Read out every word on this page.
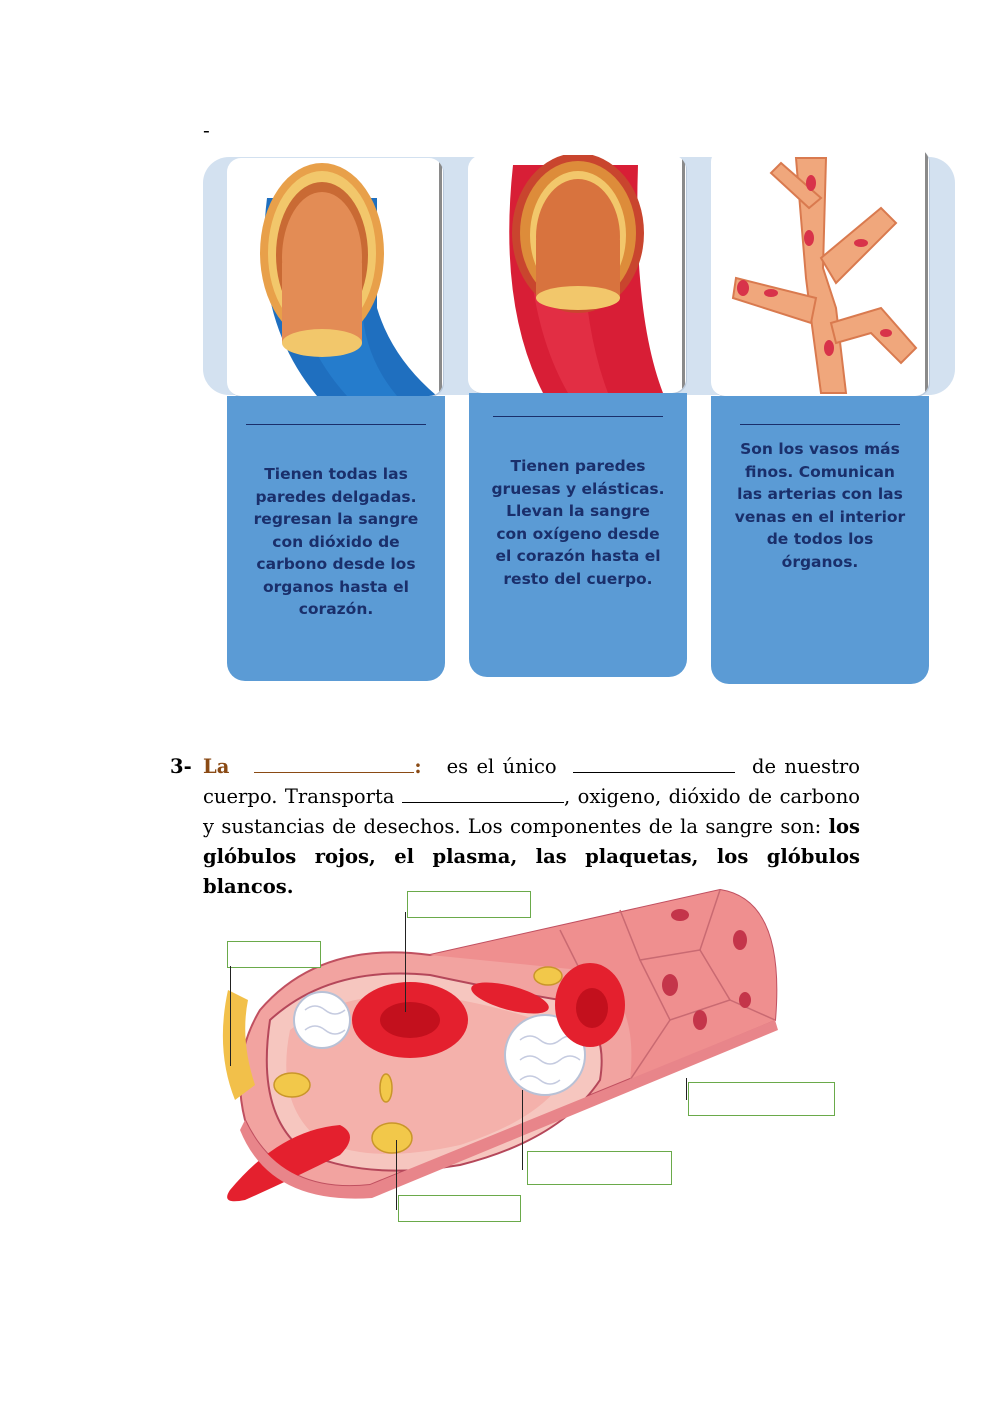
-
Tienen todas las paredes delgadas. regresan la sangre con dióxido de carbono desde los organos hasta el corazón.
Tienen paredes gruesas y elásticas. Llevan la sangre con oxígeno desde el corazón hasta el resto del cuerpo.
Son los vasos más finos. Comunican las arterias con las venas en el interior de todos los órganos.
3- La	: es el único	de nuestro cuerpo. Transporta	, oxigeno, dióxido de carbono y sustancias de desechos. Los componentes de la sangre son: los glóbulos rojos, el plasma, las plaquetas, los glóbulos blancos.
